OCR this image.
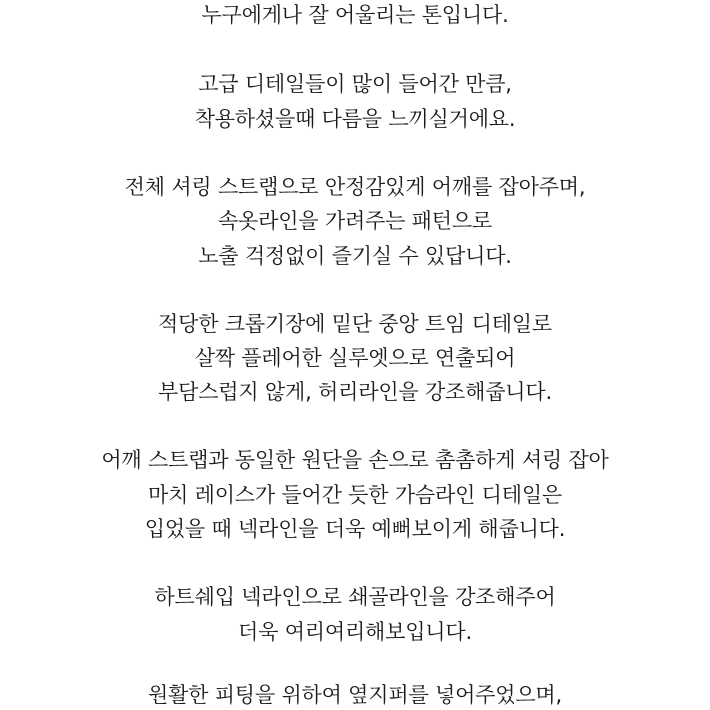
누구에게나 잘 어울리는 톤입니다.
고급 디테일들이 많이 들어간 만큼,
착용하셨을때 다름을 느끼실거에요.
전체 셔링 스트랩으로 안정감있게 어깨를 잡아주며,
속옷라인을 가려주는 패턴으로
노출 걱정없이 즐기실 수 있답니다.
적당한 크롭기장에 밑단 중앙 트임 디테일로
살짝 플레어한 실루엣으로 연출되어
부담스럽지 않게, 허리라인을 강조해줍니다.
어깨 스트랩과 동일한 원단을 손으로 촘촘하게 셔링 잡아
마치 레이스가 들어간 듯한 가슴라인 디테일은
입었을 때 넥라인을 더욱 예뻐보이게 해줍니다.
하트쉐입 넥라인으로 쇄골라인을 강조해주어
더욱 여리여리해보입니다.
원활한 피팅을 위하여 옆지퍼를 넣어주었으며,
